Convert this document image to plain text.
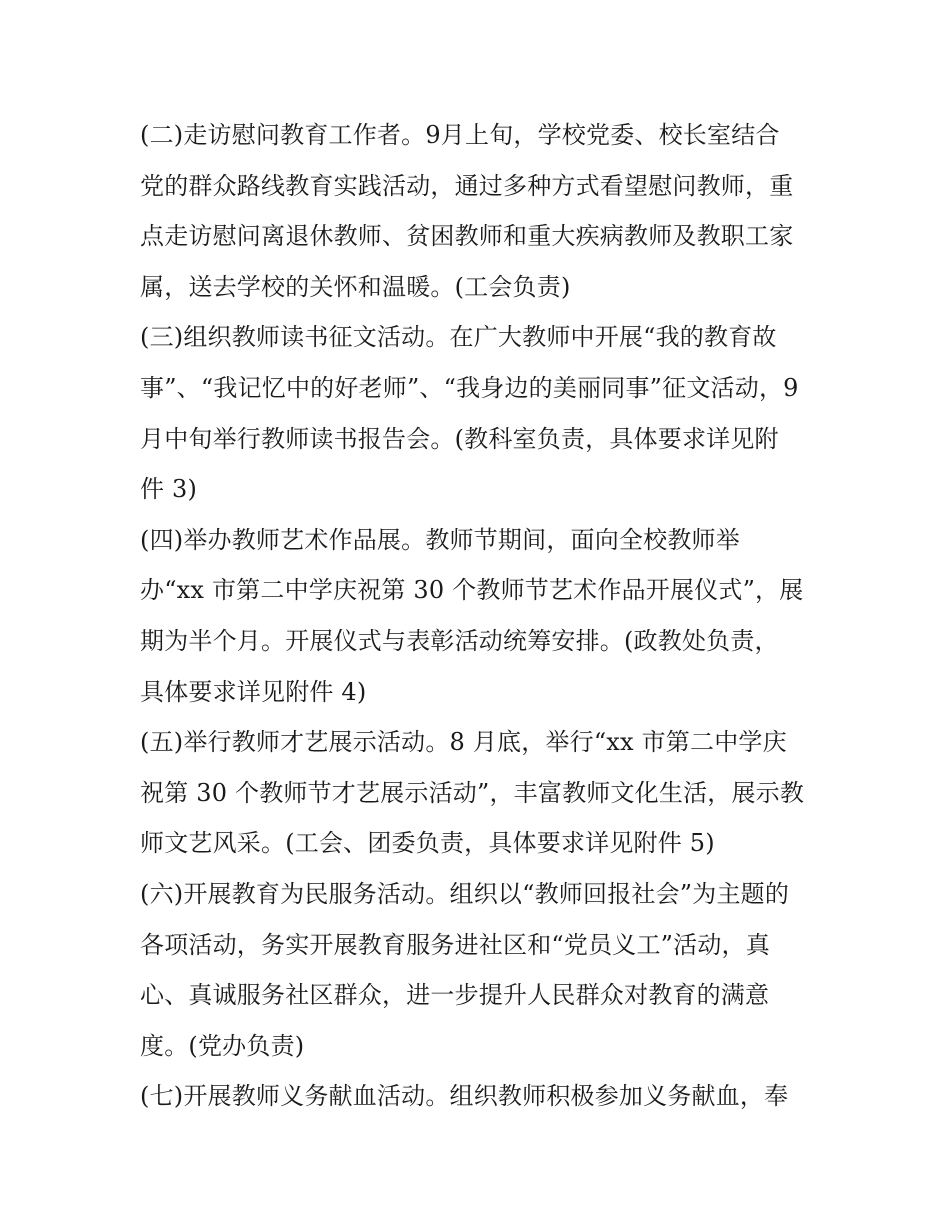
(二)走访慰问教育工作者。9月上旬，学校党委、校长室结合
党的群众路线教育实践活动，通过多种方式看望慰问教师，重
点走访慰问离退休教师、贫困教师和重大疾病教师及教职工家
属，送去学校的关怀和温暖。(工会负责)
(三)组织教师读书征文活动。在广大教师中开展“我的教育故
事”、“我记忆中的好老师”、“我身边的美丽同事”征文活动，9
月中旬举行教师读书报告会。(教科室负责，具体要求详见附
件 3)
(四)举办教师艺术作品展。教师节期间，面向全校教师举
办“xx 市第二中学庆祝第 30 个教师节艺术作品开展仪式”，展
期为半个月。开展仪式与表彰活动统筹安排。(政教处负责，
具体要求详见附件 4)
(五)举行教师才艺展示活动。8 月底，举行“xx 市第二中学庆
祝第 30 个教师节才艺展示活动”，丰富教师文化生活，展示教
师文艺风采。(工会、团委负责，具体要求详见附件 5)
(六)开展教育为民服务活动。组织以“教师回报社会”为主题的
各项活动，务实开展教育服务进社区和“党员义工”活动，真
心、真诚服务社区群众，进一步提升人民群众对教育的满意
度。(党办负责)
(七)开展教师义务献血活动。组织教师积极参加义务献血，奉
